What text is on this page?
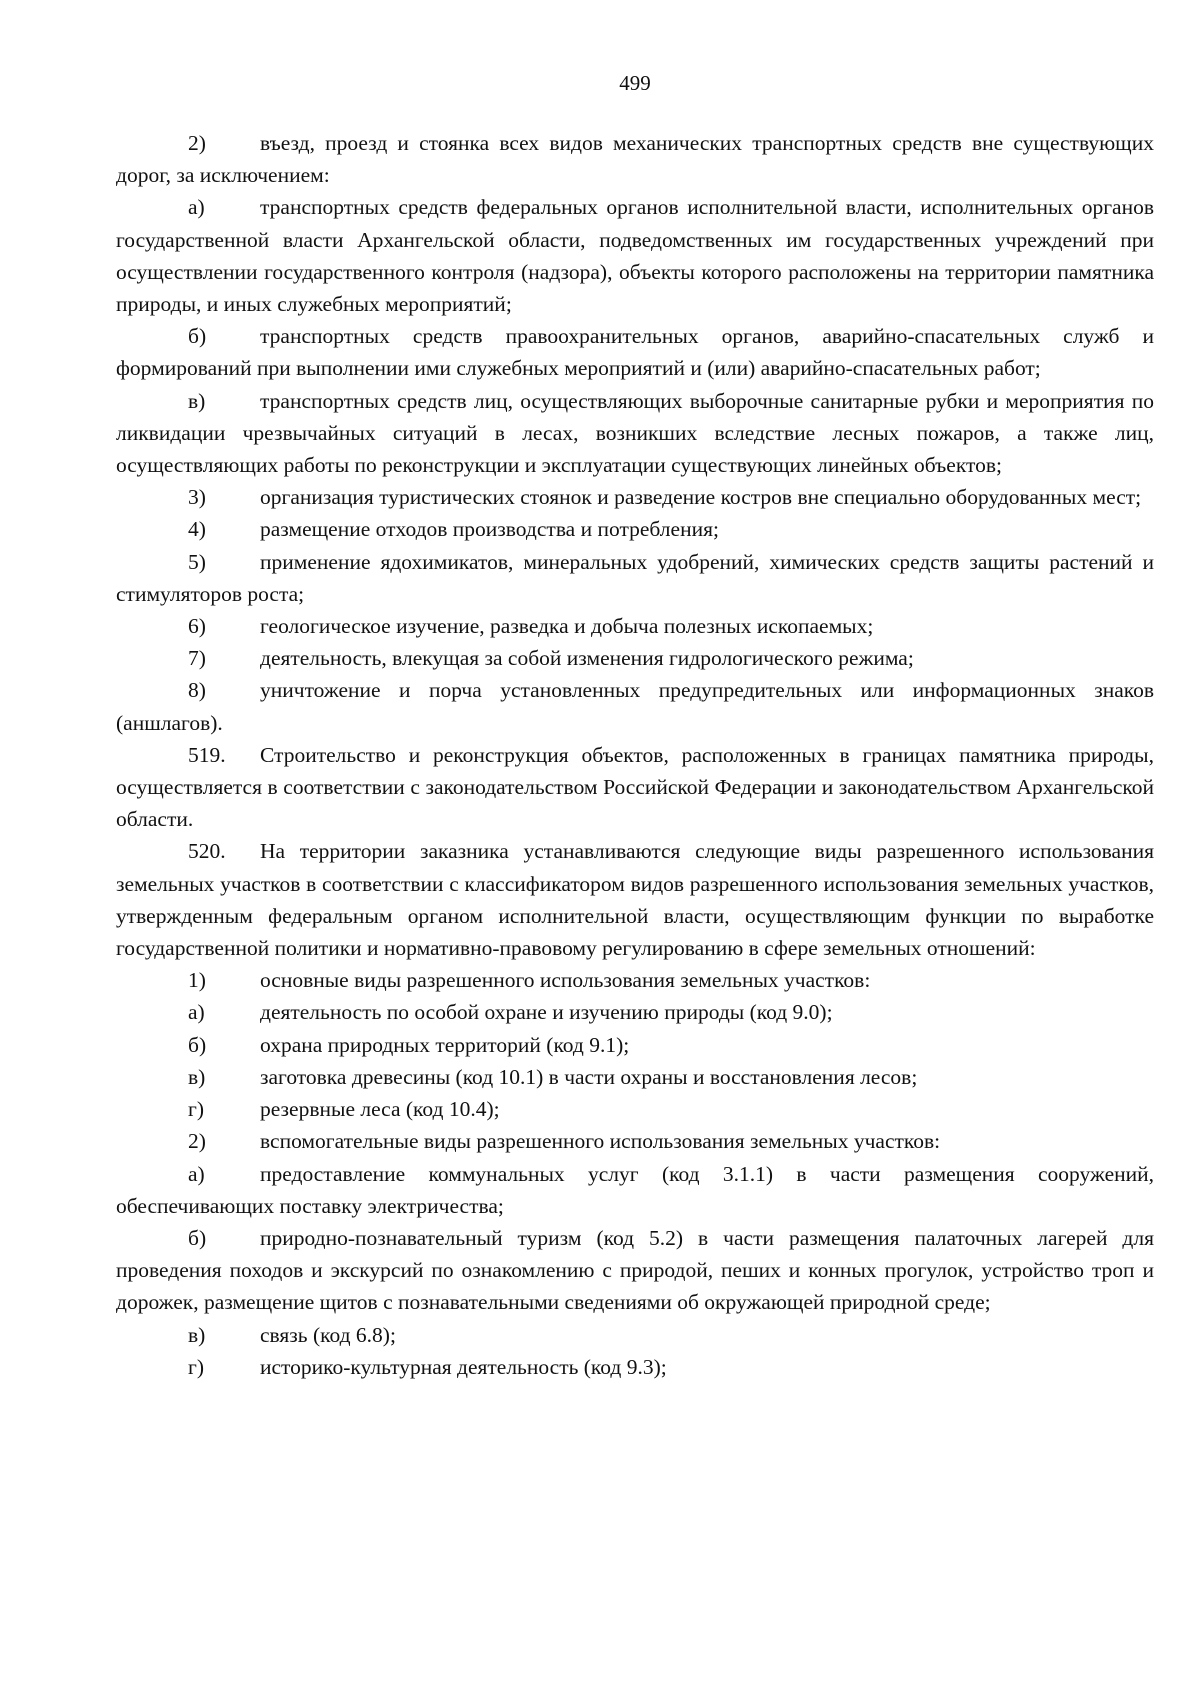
499

2)	въезд, проезд и стоянка всех видов механических транспортных средств вне существующих дорог, за исключением:

а)	транспортных средств федеральных органов исполнительной власти, исполнительных органов государственной власти Архангельской области, подведомственных им государственных учреждений при осуществлении государственного контроля (надзора), объекты которого расположены на территории памятника природы, и иных служебных мероприятий;

б)	транспортных средств правоохранительных органов, аварийно-спасательных служб и формирований при выполнении ими служебных мероприятий и (или) аварийно-спасательных работ;

в)	транспортных средств лиц, осуществляющих выборочные санитарные рубки и мероприятия по ликвидации чрезвычайных ситуаций в лесах, возникших вследствие лесных пожаров, а также лиц, осуществляющих работы по реконструкции и эксплуатации существующих линейных объектов;

3)	организация туристических стоянок и разведение костров вне специально оборудованных мест;

4)	размещение отходов производства и потребления;

5)	применение ядохимикатов, минеральных удобрений, химических средств защиты растений и стимуляторов роста;

6)	геологическое изучение, разведка и добыча полезных ископаемых;

7)	деятельность, влекущая за собой изменения гидрологического режима;

8)	уничтожение и порча установленных предупредительных или информационных знаков (аншлагов).

519. Строительство и реконструкция объектов, расположенных в границах памятника природы, осуществляется в соответствии с законодательством Российской Федерации и законодательством Архангельской области.

520. На территории заказника устанавливаются следующие виды разрешенного использования земельных участков в соответствии с классификатором видов разрешенного использования земельных участков, утвержденным федеральным органом исполнительной власти, осуществляющим функции по выработке государственной политики и нормативно-правовому регулированию в сфере земельных отношений:

1)	основные виды разрешенного использования земельных участков:

а)	деятельность по особой охране и изучению природы (код 9.0);

б)	охрана природных территорий (код 9.1);

в)	заготовка древесины (код 10.1) в части охраны и восстановления лесов;

г)	резервные леса (код 10.4);

2)	вспомогательные виды разрешенного использования земельных участков:

а)	предоставление коммунальных услуг (код 3.1.1) в части размещения сооружений, обеспечивающих поставку электричества;

б)	природно-познавательный туризм (код 5.2) в части размещения палаточных лагерей для проведения походов и экскурсий по ознакомлению с природой, пеших и конных прогулок, устройство троп и дорожек, размещение щитов с познавательными сведениями об окружающей природной среде;

в)	связь (код 6.8);

г)	историко-культурная деятельность (код 9.3);
